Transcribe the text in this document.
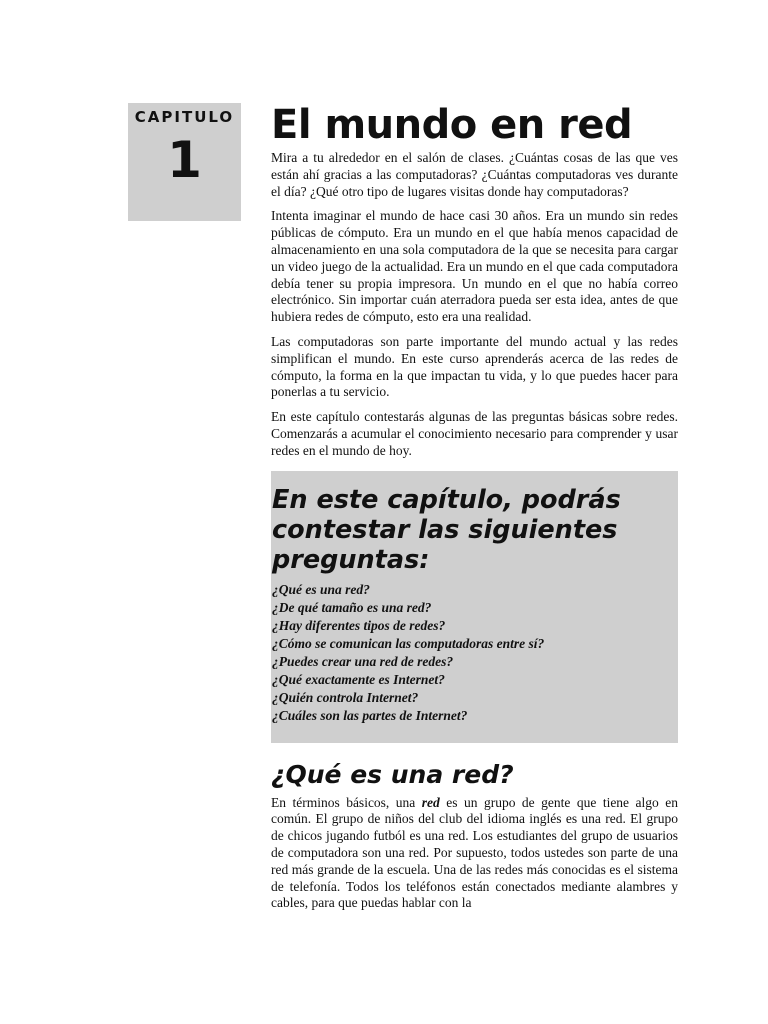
CAPITULO
1
El mundo en red

Mira a tu alrededor en el salón de clases. ¿Cuántas cosas de las que ves están ahí gracias a las computadoras? ¿Cuántas computadoras ves durante el día? ¿Qué otro tipo de lugares visitas donde hay computadoras?

Intenta imaginar el mundo de hace casi 30 años. Era un mundo sin redes públicas de cómputo. Era un mundo en el que había menos capacidad de almacenamiento en una sola computadora de la que se necesita para cargar un video juego de la actualidad. Era un mundo en el que cada computadora debía tener su propia impresora. Un mundo en el que no había correo electrónico. Sin importar cuán aterradora pueda ser esta idea, antes de que hubiera redes de cómputo, esto era una realidad.

Las computadoras son parte importante del mundo actual y las redes simplifican el mundo. En este curso aprenderás acerca de las redes de cómputo, la forma en la que impactan tu vida, y lo que puedes hacer para ponerlas a tu servicio.

En este capítulo contestarás algunas de las preguntas básicas sobre redes. Comenzarás a acumular el conocimiento necesario para comprender y usar redes en el mundo de hoy.

En este capítulo, podrás contestar las siguientes preguntas:
¿Qué es una red?
¿De qué tamaño es una red?
¿Hay diferentes tipos de redes?
¿Cómo se comunican las computadoras entre sí?
¿Puedes crear una red de redes?
¿Qué exactamente es Internet?
¿Quién controla Internet?
¿Cuáles son las partes de Internet?
¿Qué es una red?

En términos básicos, una red es un grupo de gente que tiene algo en común. El grupo de niños del club del idioma inglés es una red. El grupo de chicos jugando futból es una red. Los estudiantes del grupo de usuarios de computadora son una red. Por supuesto, todos ustedes son parte de una red más grande de la escuela. Una de las redes más conocidas es el sistema de telefonía. Todos los teléfonos están conectados mediante alambres y cables, para que puedas hablar con la
